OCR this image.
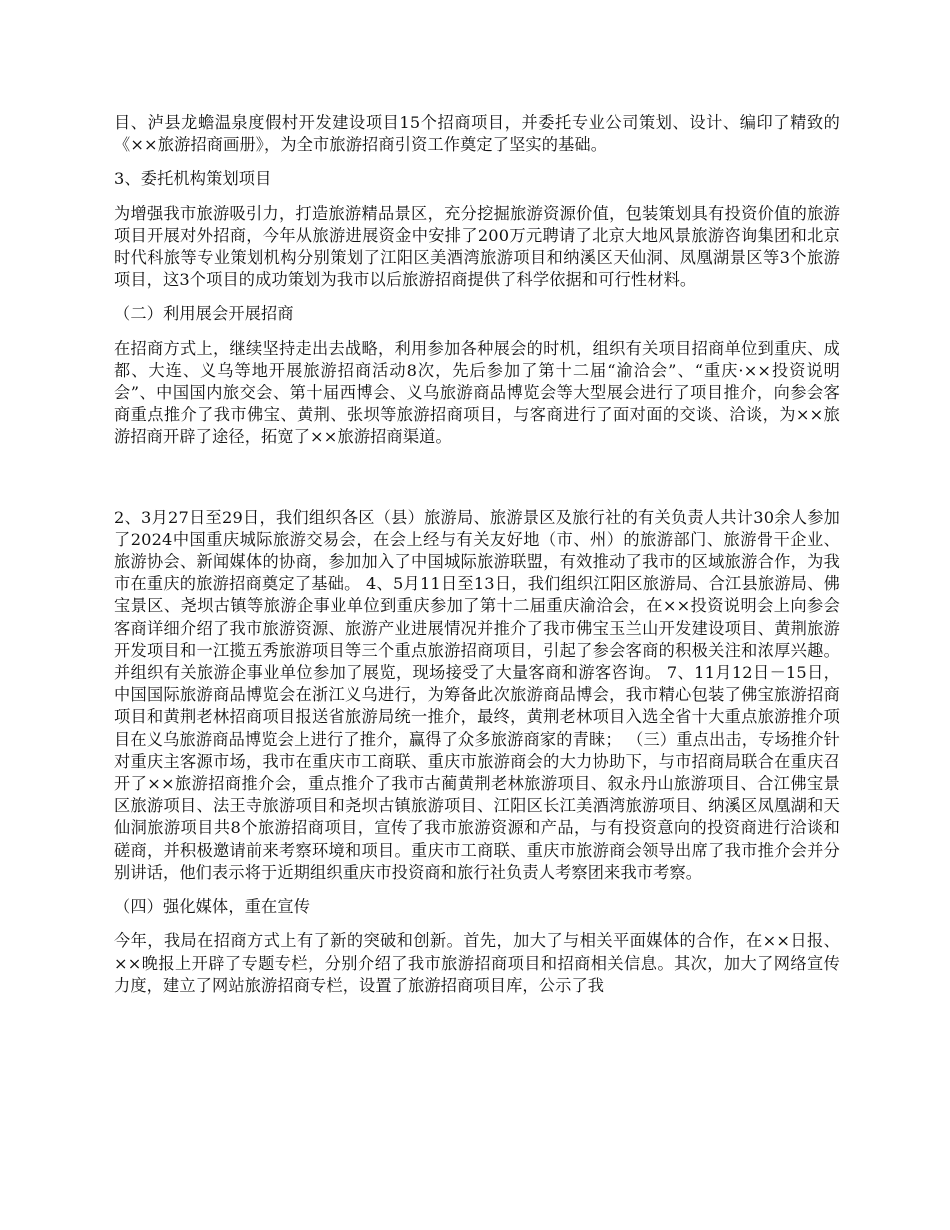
目、泸县龙蟾温泉度假村开发建设项目15个招商项目，并委托专业公司策划、设计、编印了精致的《××旅游招商画册》，为全市旅游招商引资工作奠定了坚实的基础。

3、委托机构策划项目

为增强我市旅游吸引力，打造旅游精品景区，充分挖掘旅游资源价值，包装策划具有投资价值的旅游项目开展对外招商，今年从旅游进展资金中安排了200万元聘请了北京大地风景旅游咨询集团和北京时代科旅等专业策划机构分别策划了江阳区美酒湾旅游项目和纳溪区天仙洞、凤凰湖景区等3个旅游项目，这3个项目的成功策划为我市以后旅游招商提供了科学依据和可行性材料。

（二）利用展会开展招商

在招商方式上，继续坚持走出去战略，利用参加各种展会的时机，组织有关项目招商单位到重庆、成都、大连、义乌等地开展旅游招商活动8次，先后参加了第十二届“渝洽会”、“重庆·××投资说明会”、中国国内旅交会、第十届西博会、义乌旅游商品博览会等大型展会进行了项目推介，向参会客商重点推介了我市佛宝、黄荆、张坝等旅游招商项目，与客商进行了面对面的交谈、洽谈，为××旅游招商开辟了途径，拓宽了××旅游招商渠道。

2、3月27日至29日，我们组织各区（县）旅游局、旅游景区及旅行社的有关负责人共计30余人参加了2024中国重庆城际旅游交易会，在会上经与有关友好地（市、州）的旅游部门、旅游骨干企业、旅游协会、新闻媒体的协商，参加加入了中国城际旅游联盟，有效推动了我市的区域旅游合作，为我市在重庆的旅游招商奠定了基础。 4、5月11日至13日，我们组织江阳区旅游局、合江县旅游局、佛宝景区、尧坝古镇等旅游企事业单位到重庆参加了第十二届重庆渝洽会，在××投资说明会上向参会客商详细介绍了我市旅游资源、旅游产业进展情况并推介了我市佛宝玉兰山开发建设项目、黄荆旅游开发项目和一江揽五秀旅游项目等三个重点旅游招商项目，引起了参会客商的积极关注和浓厚兴趣。并组织有关旅游企事业单位参加了展览，现场接受了大量客商和游客咨询。 7、11月12日－15日，中国国际旅游商品博览会在浙江义乌进行，为筹备此次旅游商品博会，我市精心包装了佛宝旅游招商项目和黄荆老林招商项目报送省旅游局统一推介，最终，黄荆老林项目入选全省十大重点旅游推介项目在义乌旅游商品博览会上进行了推介，赢得了众多旅游商家的青睐； （三）重点出击，专场推介针对重庆主客源市场，我市在重庆市工商联、重庆市旅游商会的大力协助下，与市招商局联合在重庆召开了××旅游招商推介会，重点推介了我市古蔺黄荆老林旅游项目、叙永丹山旅游项目、合江佛宝景区旅游项目、法王寺旅游项目和尧坝古镇旅游项目、江阳区长江美酒湾旅游项目、纳溪区凤凰湖和天仙洞旅游项目共8个旅游招商项目，宣传了我市旅游资源和产品，与有投资意向的投资商进行洽谈和磋商，并积极邀请前来考察环境和项目。重庆市工商联、重庆市旅游商会领导出席了我市推介会并分别讲话，他们表示将于近期组织重庆市投资商和旅行社负责人考察团来我市考察。

（四）强化媒体，重在宣传

今年，我局在招商方式上有了新的突破和创新。首先，加大了与相关平面媒体的合作，在××日报、××晚报上开辟了专题专栏，分别介绍了我市旅游招商项目和招商相关信息。其次，加大了网络宣传力度，建立了网站旅游招商专栏，设置了旅游招商项目库，公示了我
